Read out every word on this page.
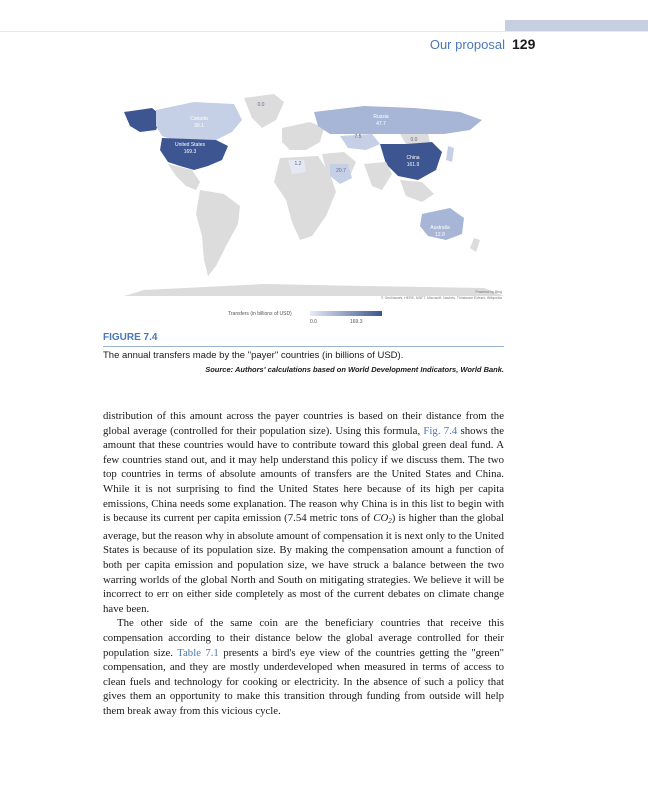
Our proposal 129
0.0
Canada
30.1
United States
169.3
Russia
47.7
7.5	0.0
China
161.9
1.2
20.7
Australia
12.8
Powered by Bing
© GeoNames, HERE, MSFT, Microsoft, Navinfo, Thinkware Extract, Wikipedia
Transfers (in billions of USD)
0.0	169.3
FIGURE 7.4
The annual transfers made by the "payer" countries (in billions of USD).
Source: Authors' calculations based on World Development Indicators, World Bank.

distribution of this amount across the payer countries is based on their distance from the global average (controlled for their population size). Using this formula, Fig. 7.4 shows the amount that these countries would have to contribute toward this global green deal fund. A few countries stand out, and it may help understand this policy if we discuss them. The two top countries in terms of absolute amounts of transfers are the United States and China. While it is not surprising to find the United States here because of its high per capita emissions, China needs some explanation. The reason why China is in this list to begin with is because its current per capita emission (7.54 metric tons of $CO_2$) is higher than the global average, but the reason why in absolute amount of compensation it is next only to the United States is because of its population size. By making the compensation amount a function of both per capita emission and population size, we have struck a balance between the two warring worlds of the global North and South on mitigating strategies. We believe it will be incorrect to err on either side completely as most of the current debates on climate change have been.

The other side of the same coin are the beneficiary countries that receive this compensation according to their distance below the global average controlled for their population size. Table 7.1 presents a bird's eye view of the countries getting the "green" compensation, and they are mostly underdeveloped when measured in terms of access to clean fuels and technology for cooking or electricity. In the absence of such a policy that gives them an opportunity to make this transition through funding from outside will help them break away from this vicious cycle.
